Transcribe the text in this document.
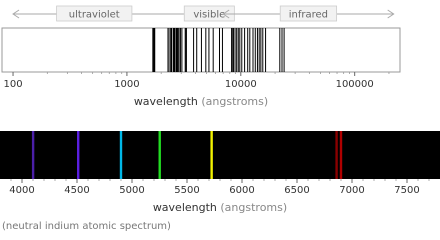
ultraviolet	visible	infrared
100	1000	10000	100000
wavelength (angstroms)
4000	4500	5000	5500	6000	6500	7000	7500
wavelength (angstroms)
(neutral indium atomic spectrum)
